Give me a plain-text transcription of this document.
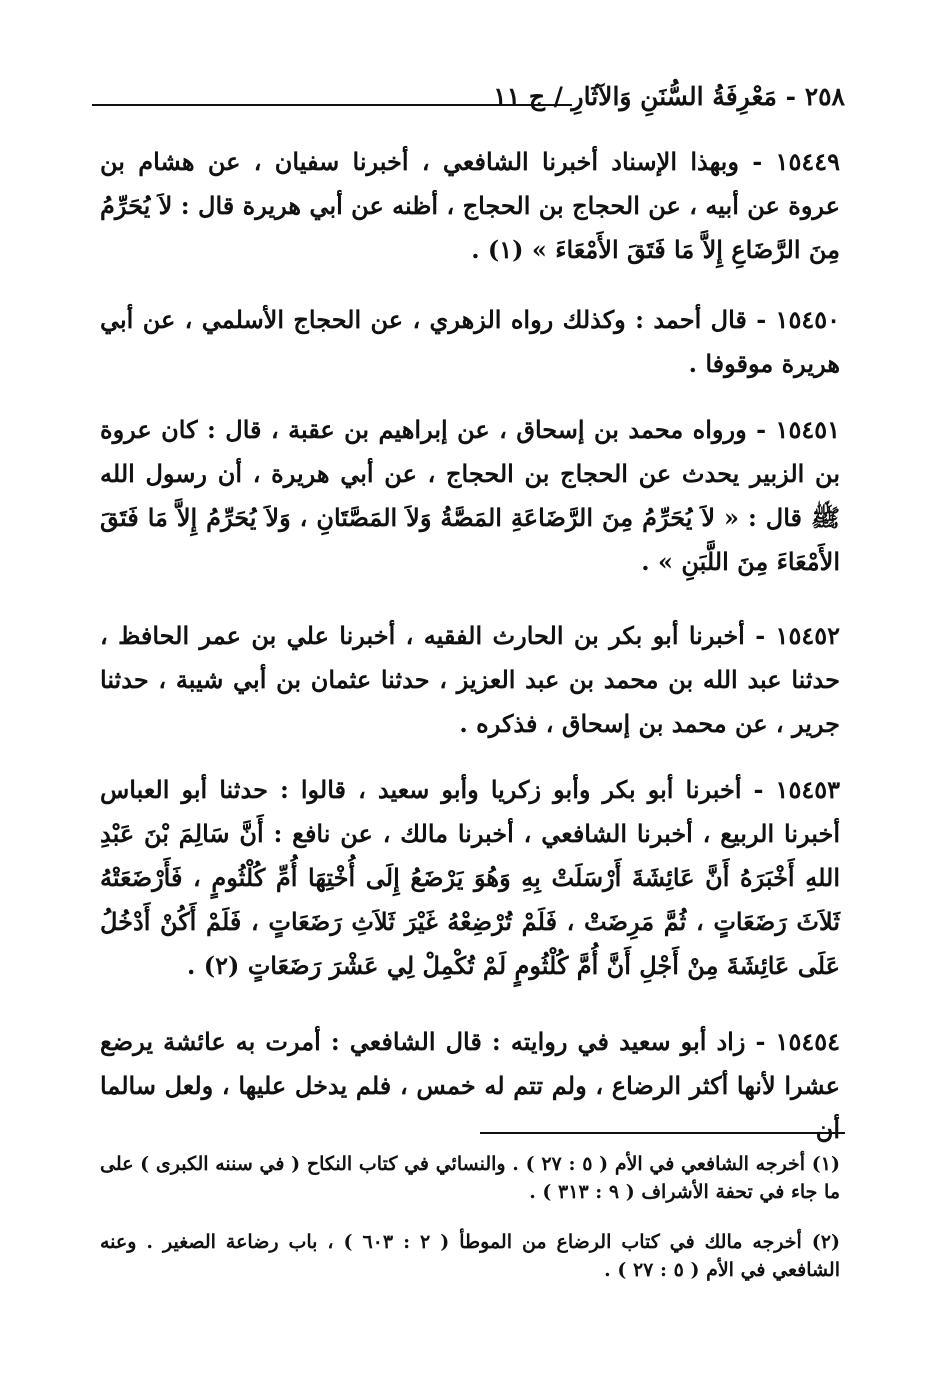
٢٥٨ - مَعْرِفَةُ السُّنَنِ وَالآثَارِ / ج ١١
١٥٤٤٩ - وبهذا الإسناد أخبرنا الشافعي ، أخبرنا سفيان ، عن هشام بن عروة عن أبيه ، عن الحجاج بن الحجاج ، أظنه عن أبي هريرة قال : لاَ يُحَرِّمُ مِنَ الرَّضَاعِ إِلاَّ مَا فَتَقَ الأَمْعَاءَ » (١) .
١٥٤٥٠ - قال أحمد : وكذلك رواه الزهري ، عن الحجاج الأسلمي ، عن أبي هريرة موقوفا .
١٥٤٥١ - ورواه محمد بن إسحاق ، عن إبراهيم بن عقبة ، قال : كان عروة بن الزبير يحدث عن الحجاج بن الحجاج ، عن أبي هريرة ، أن رسول الله ﷺ قال : « لاَ يُحَرِّمُ مِنَ الرَّضَاعَةِ المَصَّةُ وَلاَ المَصَّتَانِ ، وَلاَ يُحَرِّمُ إِلاَّ مَا فَتَقَ الأَمْعَاءَ مِنَ اللَّبَنِ » .
١٥٤٥٢ - أخبرنا أبو بكر بن الحارث الفقيه ، أخبرنا علي بن عمر الحافظ ، حدثنا عبد الله بن محمد بن عبد العزيز ، حدثنا عثمان بن أبي شيبة ، حدثنا جرير ، عن محمد بن إسحاق ، فذكره .
١٥٤٥٣ - أخبرنا أبو بكر وأبو زكريا وأبو سعيد ، قالوا : حدثنا أبو العباس أخبرنا الربيع ، أخبرنا الشافعي ، أخبرنا مالك ، عن نافع : أَنَّ سَالِمَ بْنَ عَبْدِ اللهِ أَخْبَرَهُ أَنَّ عَائِشَةَ أَرْسَلَتْ بِهِ وَهُوَ يَرْضَعُ إِلَى أُخْتِهَا أُمِّ كُلْثُومٍ ، فَأَرْضَعَتْهُ ثَلاَثَ رَضَعَاتٍ ، ثُمَّ مَرِضَتْ ، فَلَمْ تُرْضِعْهُ غَيْرَ ثَلاَثِ رَضَعَاتٍ ، فَلَمْ أَكُنْ أَدْخُلُ عَلَى عَائِشَةَ مِنْ أَجْلِ أَنَّ أُمَّ كُلْثُومٍ لَمْ تُكْمِلْ لِي عَشْرَ رَضَعَاتٍ (٢) .
١٥٤٥٤ - زاد أبو سعيد في روايته : قال الشافعي : أمرت به عائشة يرضع عشرا لأنها أكثر الرضاع ، ولم تتم له خمس ، فلم يدخل عليها ، ولعل سالما أن
(١) أخرجه الشافعي في الأم ( ٥ : ٢٧ ) . والنسائي في كتاب النكاح ( في سننه الكبرى ) على ما جاء في تحفة الأشراف ( ٩ : ٣١٣ ) .
(٢) أخرجه مالك في كتاب الرضاع من الموطأ ( ٢ : ٦٠٣ ) ، باب رضاعة الصغير . وعنه الشافعي في الأم ( ٥ : ٢٧ ) .
